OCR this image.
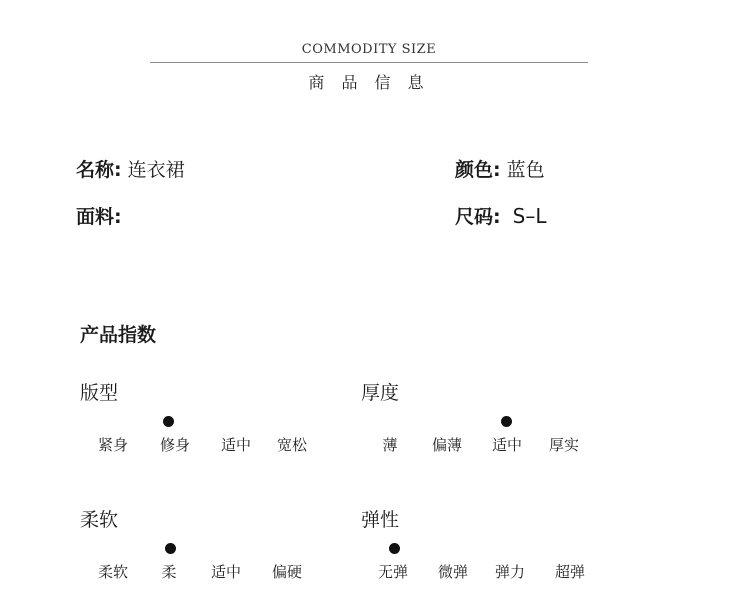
COMMODITY SIZE
商 品 信 息
名称: 连衣裙	颜色: 蓝色
面料:	尺码: S–L
产品指数
版型
紧身 修身 适中 宽松
厚度
薄 偏薄 适中 厚实
柔软
柔软 柔 适中 偏硬
弹性
无弹 微弹 弹力 超弹
